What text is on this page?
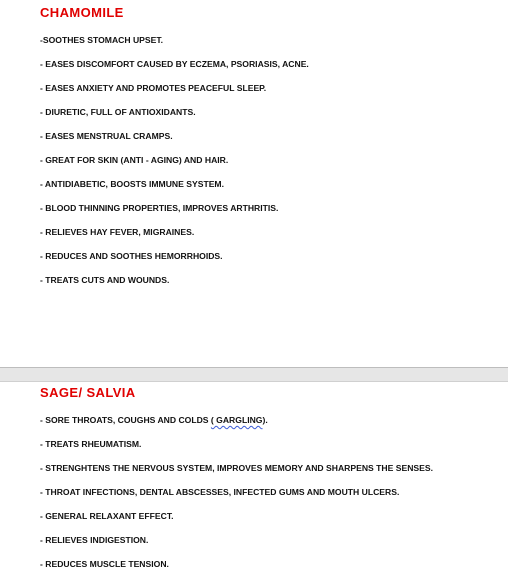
CHAMOMILE
-SOOTHES STOMACH UPSET.
- EASES DISCOMFORT CAUSED BY ECZEMA, PSORIASIS, ACNE.
- EASES ANXIETY AND PROMOTES PEACEFUL SLEEP.
- DIURETIC, FULL OF ANTIOXIDANTS.
- EASES MENSTRUAL CRAMPS.
- GREAT FOR SKIN (ANTI - AGING) AND HAIR.
- ANTIDIABETIC, BOOSTS IMMUNE SYSTEM.
- BLOOD THINNING PROPERTIES, IMPROVES ARTHRITIS.
- RELIEVES HAY FEVER, MIGRAINES.
- REDUCES AND SOOTHES HEMORRHOIDS.
- TREATS CUTS AND WOUNDS.
SAGE/ SALVIA
- SORE THROATS, COUGHS AND COLDS ( GARGLING).
- TREATS RHEUMATISM.
- STRENGHTENS THE NERVOUS SYSTEM, IMPROVES MEMORY AND SHARPENS THE SENSES.
- THROAT INFECTIONS, DENTAL ABSCESSES, INFECTED GUMS AND MOUTH ULCERS.
- GENERAL RELAXANT EFFECT.
- RELIEVES INDIGESTION.
- REDUCES MUSCLE TENSION.
